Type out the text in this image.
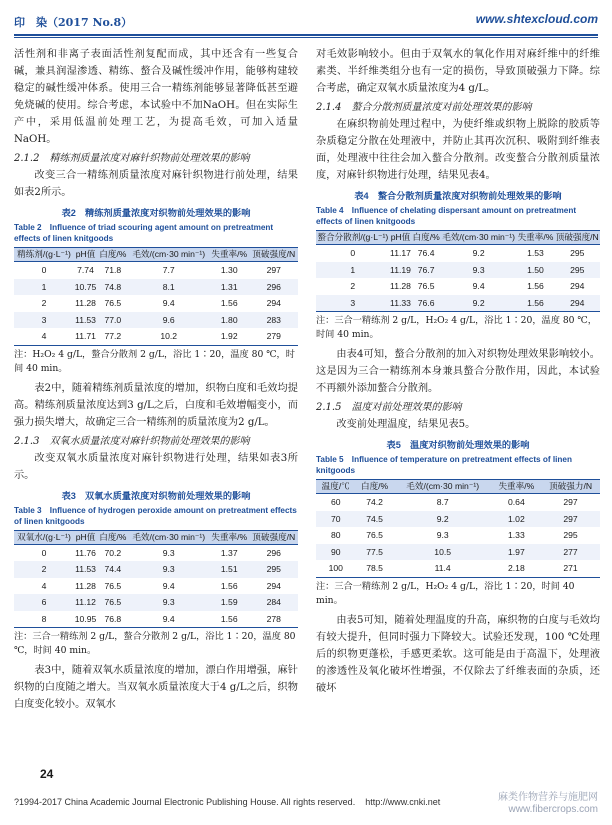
印　染（2017 No.8）	www.shtexcloud.com

活性剂和非离子表面活性剂复配而成，其中还含有一些复合碱，兼具润湿渗透、精练、螯合及碱性缓冲作用，能够构建较稳定的碱性缓冲体系。使用三合一精练剂能够显著降低甚至避免烧碱的使用。综合考虑，本试验中不加NaOH。但在实际生产中，采用低温前处理工艺，为提高毛效，可加入适量NaOH。

2.1.2　精练剂质量浓度对麻针织物前处理效果的影响

改变三合一精练剂质量浓度对麻针织物进行前处理，结果如表2所示。

表2　精练剂质量浓度对织物前处理效果的影响
Table 2　Influence of triad scouring agent amount on pretreatment effects of linen knitgoods
精练剂/(g·L⁻¹)	pH值	白度/%	毛效/(cm·30 min⁻¹)	失重率/%	顶破强度/N
0	7.74	71.8	7.7	1.30	297
1	10.75	74.8	8.1	1.31	296
2	11.28	76.5	9.4	1.56	294
3	11.53	77.0	9.6	1.80	283
4	11.71	77.2	10.2	1.92	279

注：H₂O₂ 4 g/L，螯合分散剂 2 g/L，浴比 1∶20，温度 80 ℃，时间 40 min。

表2中，随着精练剂质量浓度的增加，织物白度和毛效均提高。精练剂质量浓度达到3 g/L之后，白度和毛效增幅变小，而强力损失增大，故确定三合一精练剂的质量浓度为2 g/L。

2.1.3　双氧水质量浓度对麻针织物前处理效果的影响

改变双氧水质量浓度对麻针织物进行处理，结果如表3所示。

表3　双氧水质量浓度对织物前处理效果的影响
Table 3　Influence of hydrogen peroxide amount on pretreatment effects of linen knitgoods
双氧水/(g·L⁻¹)	pH值	白度/%	毛效/(cm·30 min⁻¹)	失重率/%	顶破强度/N
0	11.76	70.2	9.3	1.37	296
2	11.53	74.4	9.3	1.51	295
4	11.28	76.5	9.4	1.56	294
6	11.12	76.5	9.3	1.59	284
8	10.95	76.8	9.4	1.56	278

注：三合一精练剂 2 g/L，螯合分散剂 2 g/L，浴比 1∶20，温度 80 ℃，时间 40 min。

表3中，随着双氧水质量浓度的增加，漂白作用增强，麻针织物的白度随之增大。当双氧水质量浓度大于4 g/L之后，织物白度变化较小。双氧水

对毛效影响较小。但由于双氧水的氧化作用对麻纤维中的纤维素类、半纤维类组分也有一定的损伤，导致顶破强力下降。综合考虑，确定双氧水质量浓度为4 g/L。

2.1.4　螯合分散剂质量浓度对前处理效果的影响

在麻织物前处理过程中，为使纤维或织物上脱除的胶质等杂质稳定分散在处理液中，并防止其再次沉积、吸附到纤维表面，处理液中往往会加入螯合分散剂。改变螯合分散剂质量浓度，对麻针织物进行处理，结果见表4。

表4　螯合分散剂质量浓度对织物前处理效果的影响
Table 4　Influence of chelating dispersant amount on pretreatment effects of linen knitgoods
螯合分散剂/(g·L⁻¹)	pH值	白度/%	毛效/(cm·30 min⁻¹)	失重率/%	顶破强度/N
0	11.17	76.4	9.2	1.53	295
1	11.19	76.7	9.3	1.50	295
2	11.28	76.5	9.4	1.56	294
3	11.33	76.6	9.2	1.56	294

注：三合一精练剂 2 g/L，H₂O₂ 4 g/L，浴比 1∶20，温度 80 ℃，时间 40 min。

由表4可知，螯合分散剂的加入对织物处理效果影响较小。这是因为三合一精练剂本身兼具螯合分散作用，因此，本试验不再额外添加螯合分散剂。

2.1.5　温度对前处理效果的影响

改变前处理温度，结果见表5。

表5　温度对织物前处理效果的影响
Table 5　Influence of temperature on pretreatment effects of linen knitgoods
温度/℃	白度/%	毛效/(cm·30 min⁻¹)	失重率/%	顶破强力/N
60	74.2	8.7	0.64	297
70	74.5	9.2	1.02	297
80	76.5	9.3	1.33	295
90	77.5	10.5	1.97	277
100	78.5	11.4	2.18	271

注：三合一精练剂 2 g/L，H₂O₂ 4 g/L，浴比 1∶20，时间 40 min。

由表5可知，随着处理温度的升高，麻织物的白度与毛效均有较大提升，但同时强力下降较大。试验还发现，100 ℃处理后的织物更蓬松，手感更柔软。这可能是由于高温下，处理液的渗透性及氧化破坏性增强，不仅除去了纤维表面的杂质，还破坏

24
?1994-2017 China Academic Journal Electronic Publishing House. All rights reserved. http://www.cnki.net	麻类作物营养与施肥网
www.fibercrops.com
